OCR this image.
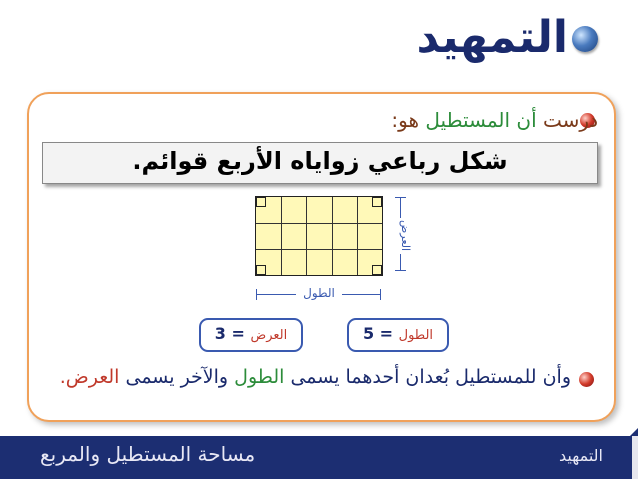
التمهيد
درست أن المستطيل هو:
شكل رباعي زواياه الأربع قوائم.
الطول
العرض
الطول = 5
العرض = 3
وأن للمستطيل بُعدان أحدهما يسمى الطول والآخر يسمى العرض.
التمهيد
مساحة المستطيل والمربع
